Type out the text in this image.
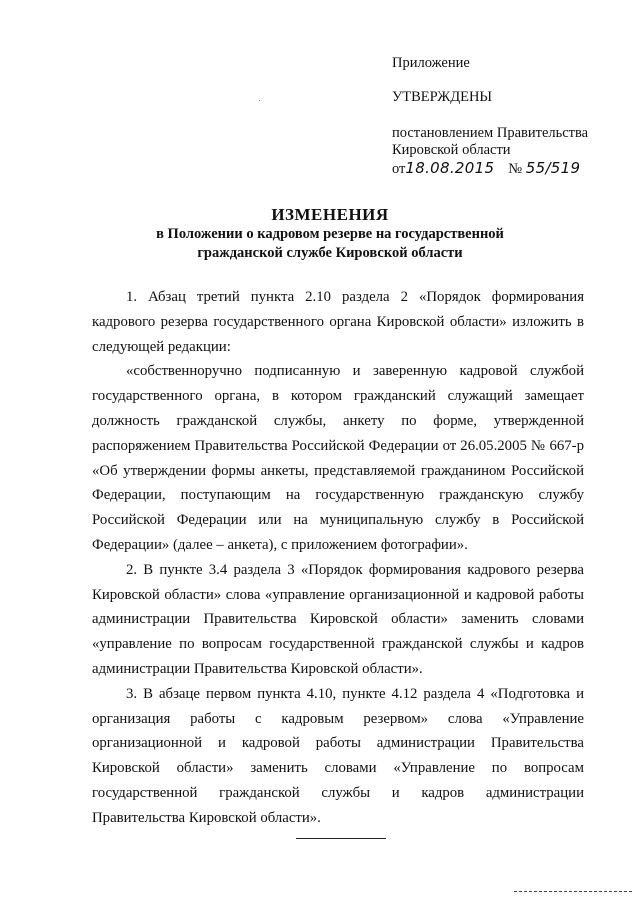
Приложение
УТВЕРЖДЕНЫ
постановлением Правительства
Кировской области
от18.08.2015 № 55/519
ИЗМЕНЕНИЯ
в Положении о кадровом резерве на государственной
гражданской службе Кировской области

1. Абзац третий пункта 2.10 раздела 2 «Порядок формирования кадрового резерва государственного органа Кировской области» изложить в следующей редакции:

«собственноручно подписанную и заверенную кадровой службой государственного органа, в котором гражданский служащий замещает должность гражданской службы, анкету по форме, утвержденной распоряжением Правительства Российской Федерации от 26.05.2005 № 667-р «Об утверждении формы анкеты, представляемой гражданином Российской Федерации, поступающим на государственную гражданскую службу Российской Федерации или на муниципальную службу в Российской Федерации» (далее – анкета), с приложением фотографии».

2. В пункте 3.4 раздела 3 «Порядок формирования кадрового резерва Кировской области» слова «управление организационной и кадровой работы администрации Правительства Кировской области» заменить словами «управление по вопросам государственной гражданской службы и кадров администрации Правительства Кировской области».

3. В абзаце первом пункта 4.10, пункте 4.12 раздела 4 «Подготовка и организация работы с кадровым резервом» слова «Управление организационной и кадровой работы администрации Правительства Кировской области» заменить словами «Управление по вопросам государственной гражданской службы и кадров администрации Правительства Кировской области».
